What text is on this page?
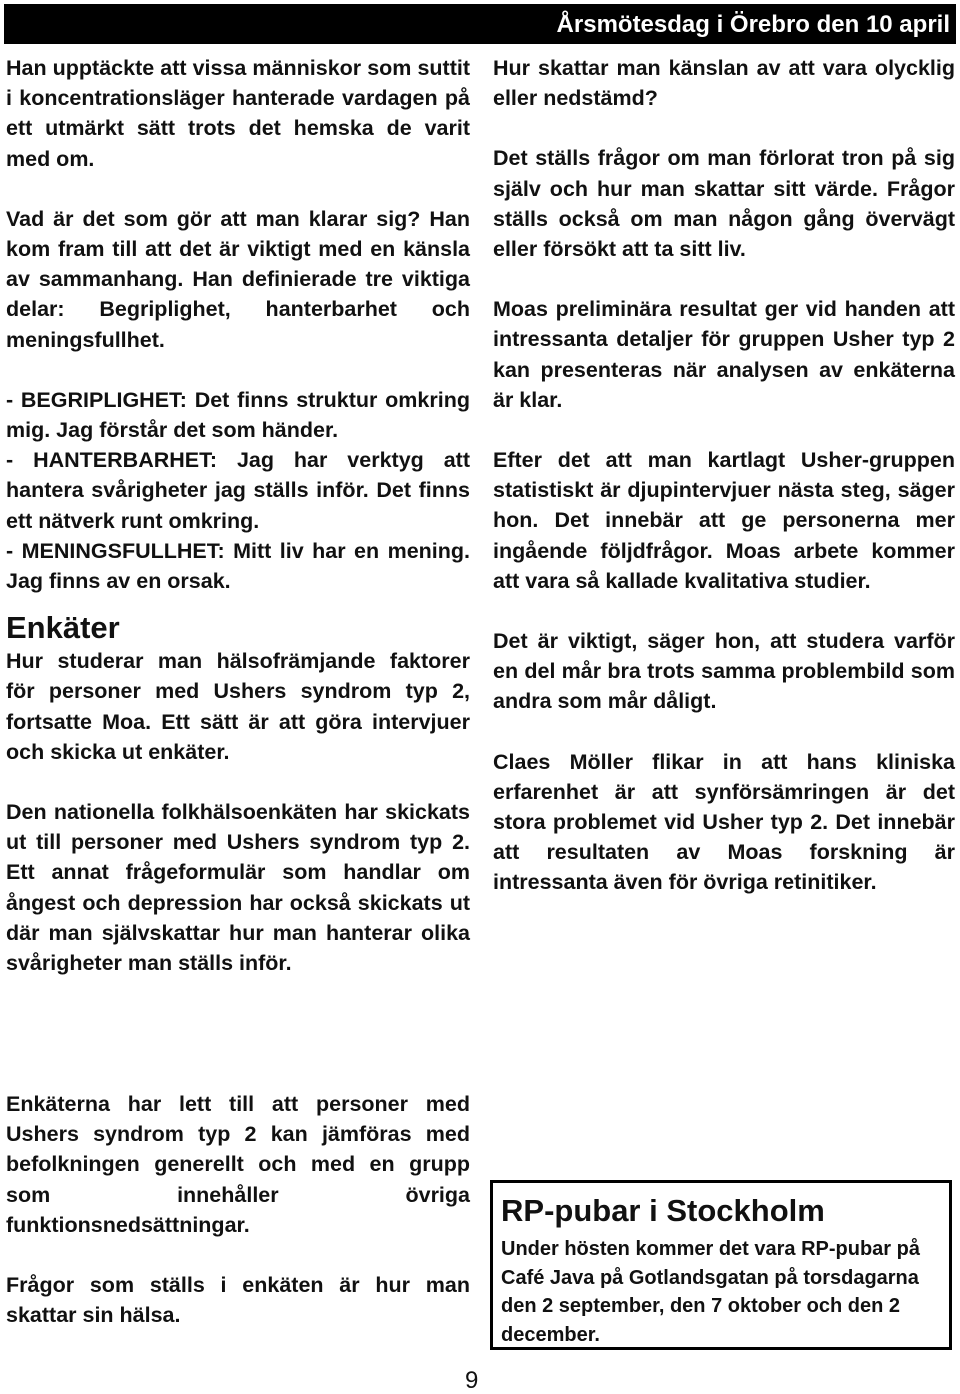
Årsmötesdag i Örebro den 10 april

Han upptäckte att vissa människor som suttit i koncentrationsläger hanterade vardagen på ett utmärkt sätt trots det hemska de varit med om.

Vad är det som gör att man klarar sig? Han kom fram till att det är viktigt med en känsla av sammanhang. Han definierade tre viktiga delar: Begriplighet, hanterbarhet och meningsfullhet.

- BEGRIPLIGHET: Det finns struktur omkring mig. Jag förstår det som händer.

- HANTERBARHET: Jag har verktyg att hantera svårigheter jag ställs inför. Det finns ett nätverk runt omkring.

- MENINGSFULLHET: Mitt liv har en mening. Jag finns av en orsak.

Enkäter

Hur studerar man hälsofrämjande faktorer för personer med Ushers syndrom typ 2, fortsatte Moa. Ett sätt är att göra intervjuer och skicka ut enkäter.

Den nationella folkhälsoenkäten har skickats ut till personer med Ushers syndrom typ 2. Ett annat frågeformulär som handlar om ångest och depression har också skickats ut där man självskattar hur man hanterar olika svårigheter man ställs inför.

Enkäterna har lett till att personer med Ushers syndrom typ 2 kan jämföras med befolkningen generellt och med en grupp som innehåller övriga funktionsnedsättningar.

Frågor som ställs i enkäten är hur man skattar sin hälsa.

Hur skattar man känslan av att vara olycklig eller nedstämd?

Det ställs frågor om man förlorat tron på sig själv och hur man skattar sitt värde. Frågor ställs också om man någon gång övervägt eller försökt att ta sitt liv.

Moas preliminära resultat ger vid handen att intressanta detaljer för gruppen Usher typ 2 kan presenteras när analysen av enkäterna är klar.

Efter det att man kartlagt Usher-gruppen statistiskt är djupintervjuer nästa steg, säger hon. Det innebär att ge personerna mer ingående följdfrågor. Moas arbete kommer att vara så kallade kvalitativa studier.

Det är viktigt, säger hon, att studera varför en del mår bra trots samma problembild som andra som mår dåligt.

Claes Möller flikar in att hans kliniska erfarenhet är att synförsämringen är det stora problemet vid Usher typ 2. Det innebär att resultaten av Moas forskning är intressanta även för övriga retinitiker.

RP-pubar i Stockholm
Under hösten kommer det vara RP-pubar på Café Java på Gotlandsgatan på torsdagarna den 2 september, den 7 oktober och den 2 december.
9
